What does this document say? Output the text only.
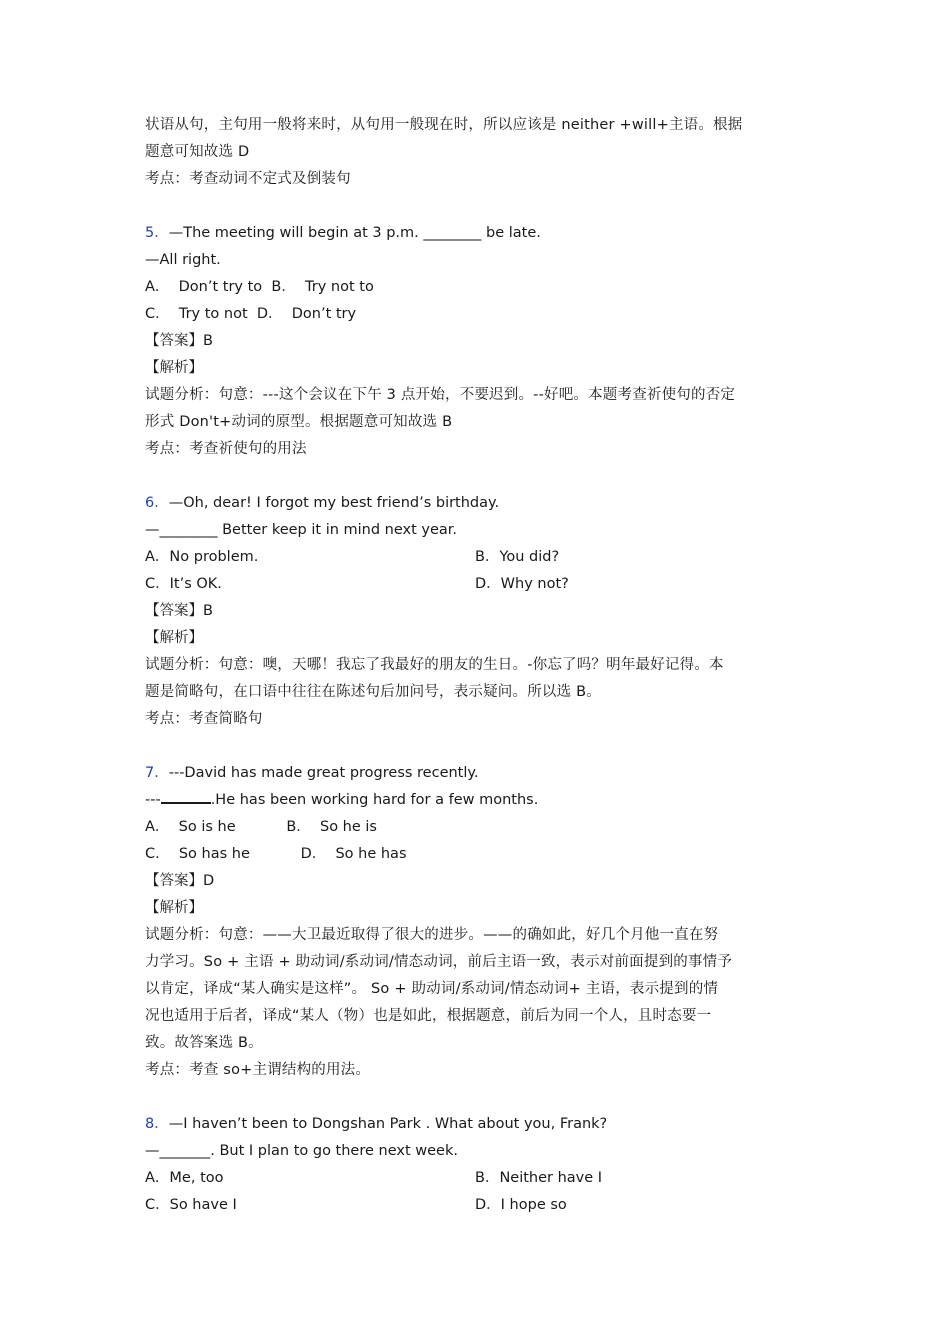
状语从句，主句用一般将来时，从句用一般现在时，所以应该是 neither +will+主语。根据
题意可知故选 D
考点：考查动词不定式及倒装句
5．—The meeting will begin at 3 p.m. ________ be late.
—All right.
A．  Don’t try to  B．  Try not to
C．  Try to not  D．  Don’t try
【答案】B
【解析】
试题分析：句意：---这个会议在下午 3 点开始，不要迟到。--好吧。本题考查祈使句的否定
形式 Don't+动词的原型。根据题意可知故选 B
考点：考查祈使句的用法
6．—Oh, dear! I forgot my best friend’s birthday.
—________ Better keep it in mind next year.
A．No problem.	B．You did?
C．It’s OK.	D．Why not?
【答案】B
【解析】
试题分析：句意：噢，天哪！我忘了我最好的朋友的生日。-你忘了吗？明年最好记得。本
题是简略句，在口语中往往在陈述句后加问号，表示疑问。所以选 B。
考点：考查简略句
7．---David has made great progress recently.
---	.He has been working hard for a few months.
A．  So is he           B．  So he is
C．  So has he           D．  So he has
【答案】D
【解析】
试题分析：句意：——大卫最近取得了很大的进步。——的确如此，好几个月他一直在努
力学习。So + 主语 + 助动词/系动词/情态动词，前后主语一致，表示对前面提到的事情予
以肯定，译成“某人确实是这样”。 So + 助动词/系动词/情态动词+ 主语，表示提到的情
况也适用于后者，译成“某人（物）也是如此，根据题意，前后为同一个人，且时态要一
致。故答案选 B。
考点：考查 so+主谓结构的用法。
8．—I haven’t been to Dongshan Park . What about you, Frank?
—_______. But I plan to go there next week.
A．Me, too	B．Neither have I
C．So have I	D．I hope so
